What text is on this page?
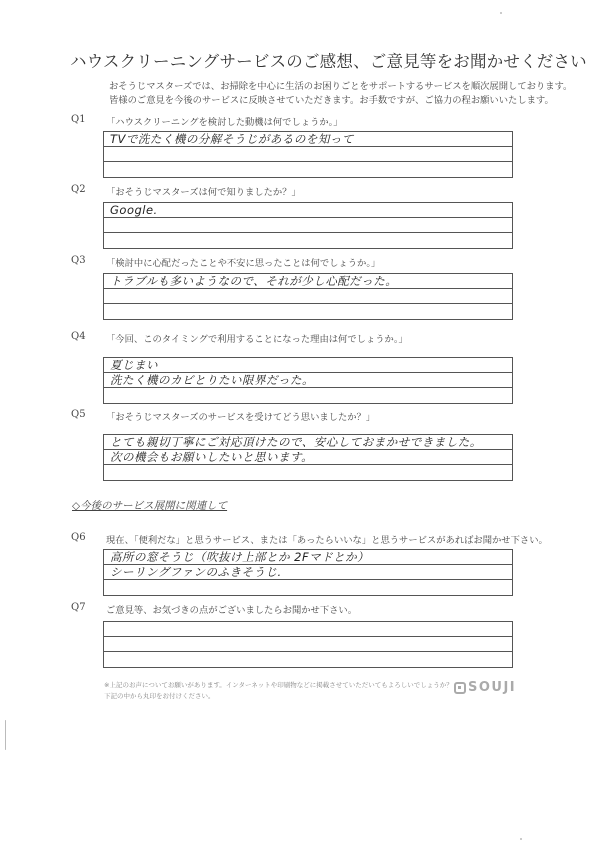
ハウスクリーニングサービスのご感想、ご意見等をお聞かせください
おそうじマスターズでは、お掃除を中心に生活のお困りごとをサポートするサービスを順次展開しております。
皆様のご意見を今後のサービスに反映させていただきます。お手数ですが、ご協力の程お願いいたします。
Q1 「ハウスクリーニングを検討した動機は何でしょうか。」
TVで洗たく機の分解そうじがあるのを知って
Q2 「おそうじマスターズは何で知りましたか？」
Google.
Q3 「検討中に心配だったことや不安に思ったことは何でしょうか。」
トラブルも多いようなので、それが少し心配だった。
Q4 「今回、このタイミングで利用することになった理由は何でしょうか。」
夏じまい
洗たく機のカビとりたい限界だった。
Q5 「おそうじマスターズのサービスを受けてどう思いましたか？」
とても親切丁寧にご対応頂けたので、安心しておまかせできました。
次の機会もお願いしたいと思います。
◇今後のサービス展開に関連して
Q6 現在、「便利だな」と思うサービス、または「あったらいいな」と思うサービスがあればお聞かせ下さい。
高所の窓そうじ（吹抜け上部とか 2Fマドとか）
シーリングファンのふきそうじ.
Q7 ご意見等、お気づきの点がございましたらお聞かせ下さい。
※上記のお声についてお願いがあります。インターネットや印刷物などに掲載させていただいてもよろしいでしょうか？
下記の中から丸印をお付けください。
SOUJI
